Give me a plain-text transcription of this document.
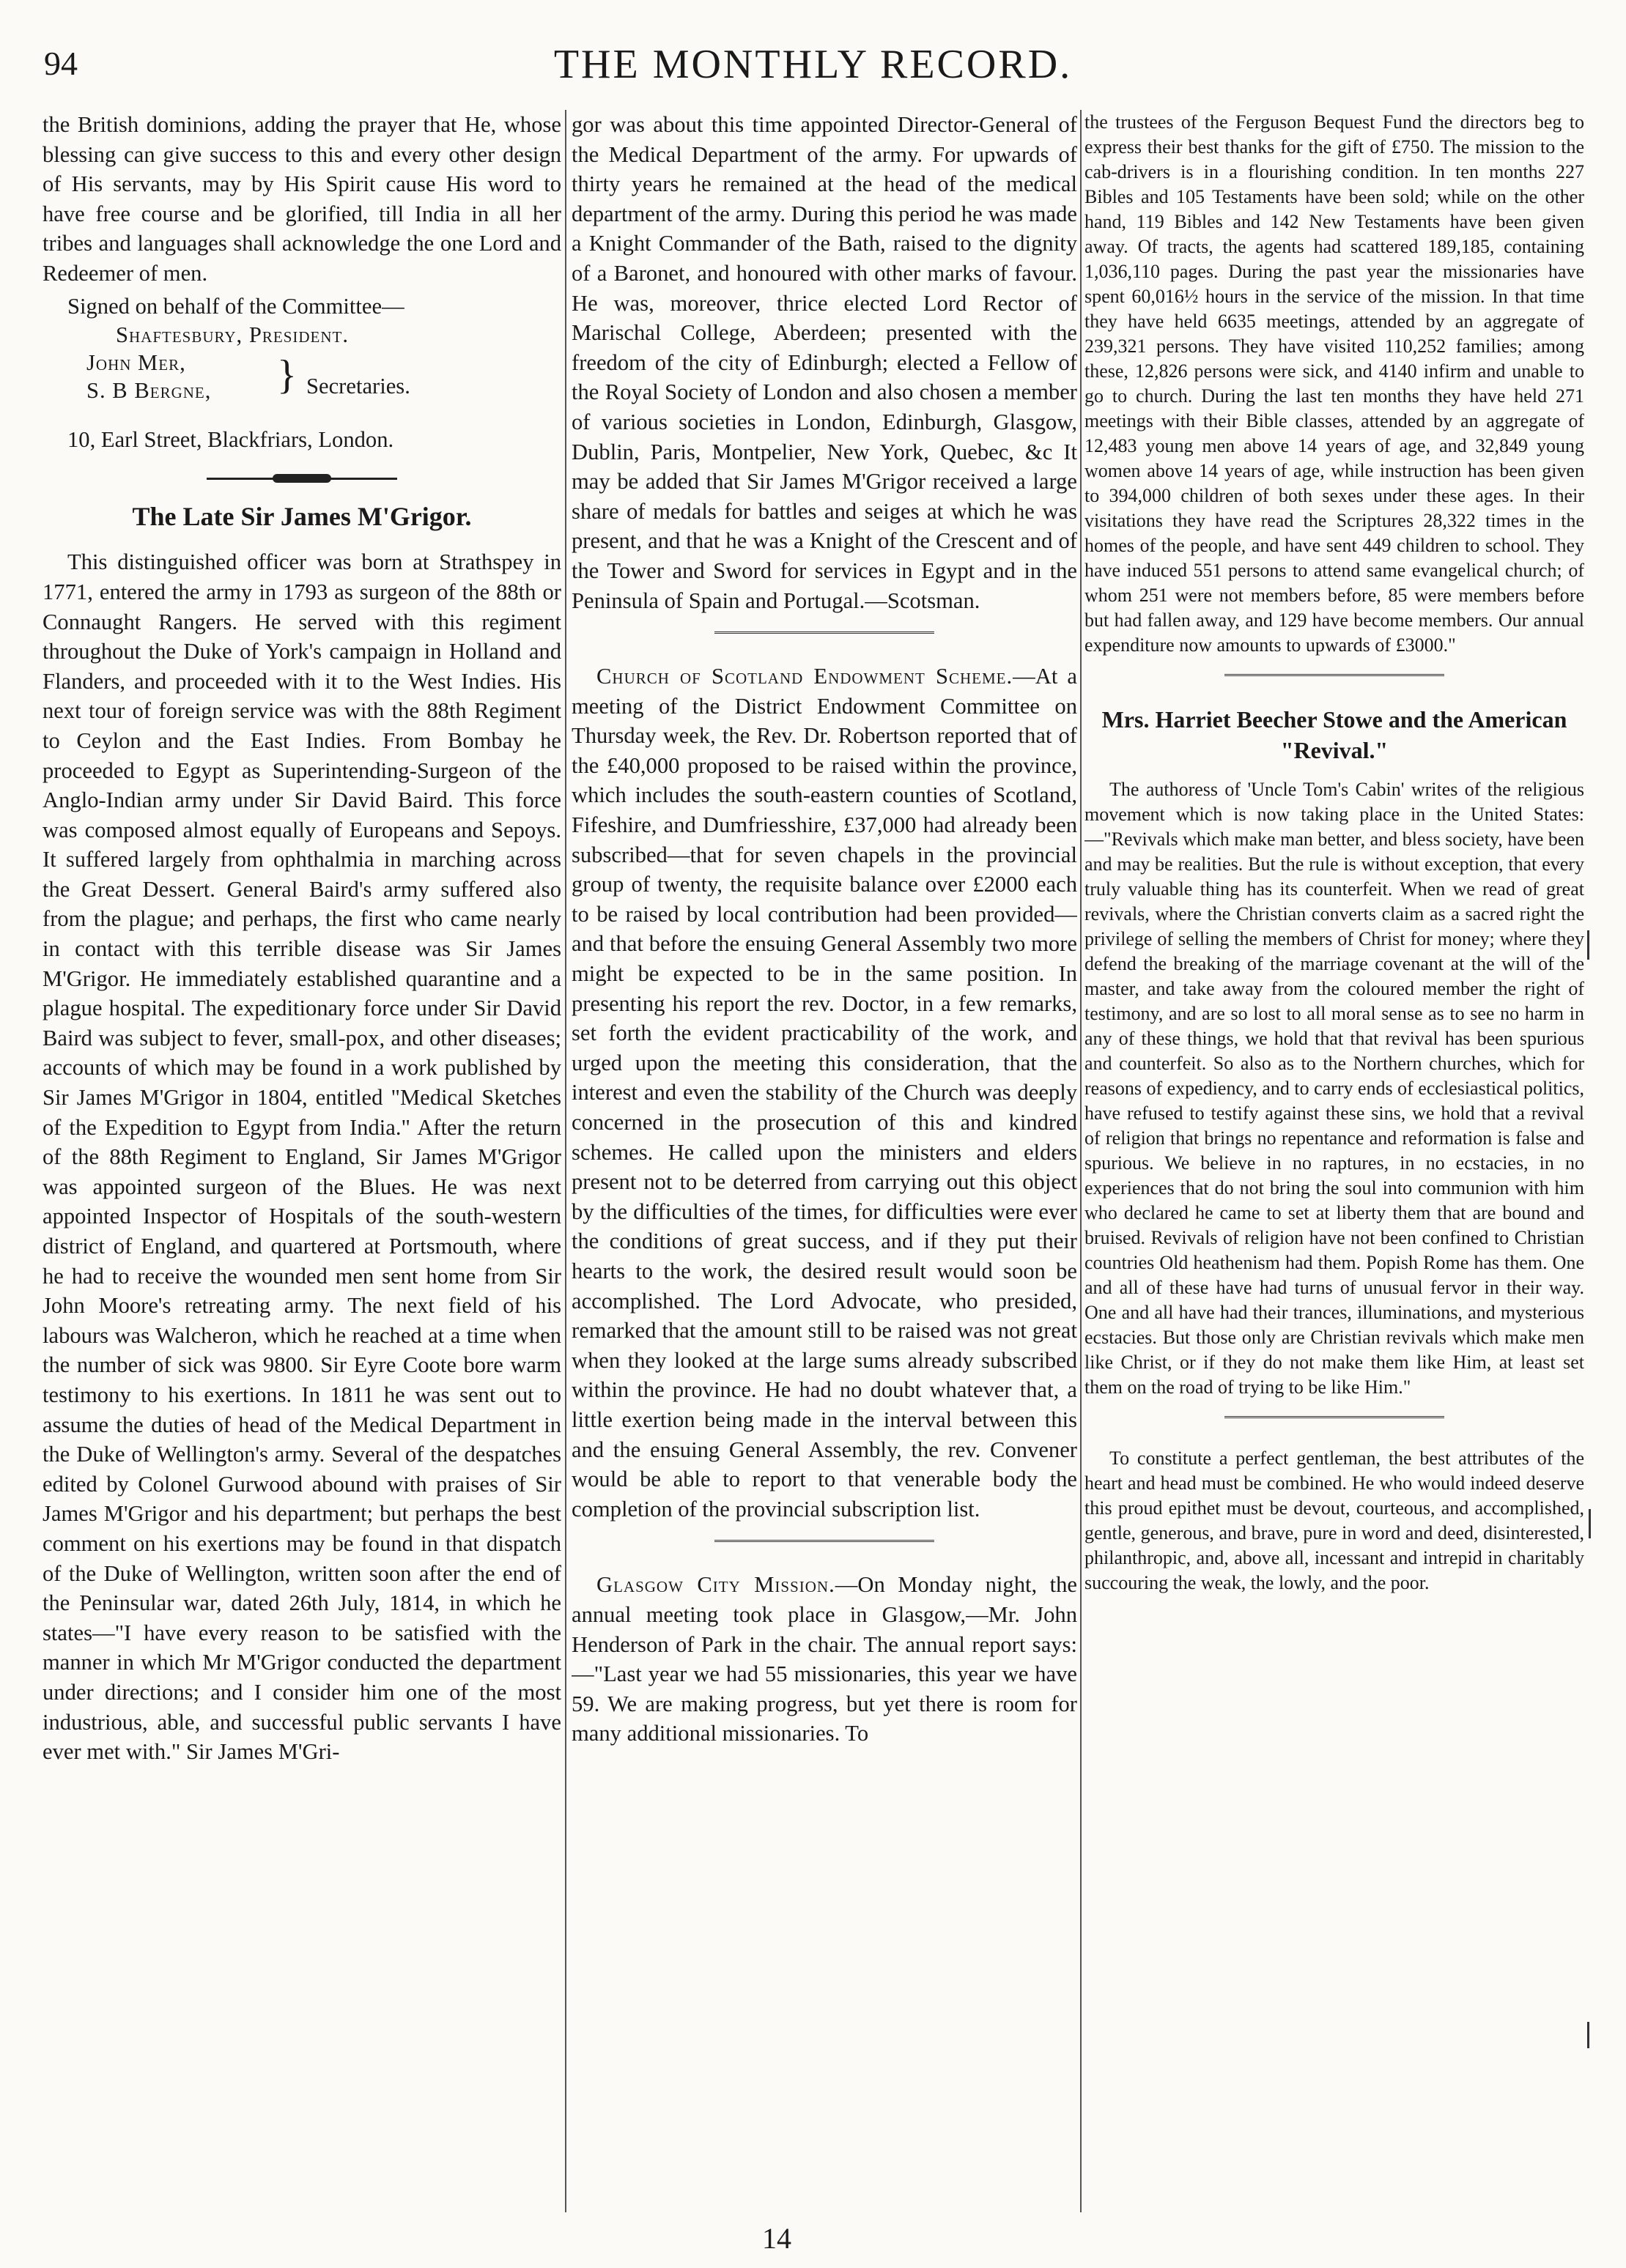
94	THE MONTHLY RECORD.

the British dominions, adding the prayer that He, whose blessing can give success to this and every other design of His servants, may by His Spirit cause His word to have free course and be glorified, till India in all her tribes and languages shall acknowledge the one Lord and Redeemer of men.

Signed on behalf of the Committee—

Shaftesbury, President.
John Mer, } Secretaries.
S. B Bergne,

10, Earl Street, Blackfriars, London.

The Late Sir James M'Grigor.

This distinguished officer was born at Strathspey in 1771, entered the army in 1793 as surgeon of the 88th or Connaught Rangers. He served with this regiment throughout the Duke of York's campaign in Holland and Flanders, and proceeded with it to the West Indies. His next tour of foreign service was with the 88th Regiment to Ceylon and the East Indies. From Bombay he proceeded to Egypt as Superintending-Surgeon of the Anglo-Indian army under Sir David Baird. This force was composed almost equally of Europeans and Sepoys. It suffered largely from ophthalmia in marching across the Great Dessert. General Baird's army suffered also from the plague; and perhaps, the first who came nearly in contact with this terrible disease was Sir James M'Grigor. He immediately established quarantine and a plague hospital. The expeditionary force under Sir David Baird was subject to fever, small-pox, and other diseases; accounts of which may be found in a work published by Sir James M'Grigor in 1804, entitled "Medical Sketches of the Expedition to Egypt from India." After the return of the 88th Regiment to England, Sir James M'Grigor was appointed surgeon of the Blues. He was next appointed Inspector of Hospitals of the south-western district of England, and quartered at Portsmouth, where he had to receive the wounded men sent home from Sir John Moore's retreating army. The next field of his labours was Walcheron, which he reached at a time when the number of sick was 9800. Sir Eyre Coote bore warm testimony to his exertions. In 1811 he was sent out to assume the duties of head of the Medical Department in the Duke of Wellington's army. Several of the despatches edited by Colonel Gurwood abound with praises of Sir James M'Grigor and his department; but perhaps the best comment on his exertions may be found in that dispatch of the Duke of Wellington, written soon after the end of the Peninsular war, dated 26th July, 1814, in which he states—"I have every reason to be satisfied with the manner in which Mr M'Grigor conducted the department under directions; and I consider him one of the most industrious, able, and successful public servants I have ever met with." Sir James M'Gri-

gor was about this time appointed Director-General of the Medical Department of the army. For upwards of thirty years he remained at the head of the medical department of the army. During this period he was made a Knight Commander of the Bath, raised to the dignity of a Baronet, and honoured with other marks of favour. He was, moreover, thrice elected Lord Rector of Marischal College, Aberdeen; presented with the freedom of the city of Edinburgh; elected a Fellow of the Royal Society of London and also chosen a member of various societies in London, Edinburgh, Glasgow, Dublin, Paris, Montpelier, New York, Quebec, &c It may be added that Sir James M'Grigor received a large share of medals for battles and seiges at which he was present, and that he was a Knight of the Crescent and of the Tower and Sword for services in Egypt and in the Peninsula of Spain and Portugal.—Scotsman.

Church of Scotland Endowment Scheme.—At a meeting of the District Endowment Committee on Thursday week, the Rev. Dr. Robertson reported that of the £40,000 proposed to be raised within the province, which includes the south-eastern counties of Scotland, Fifeshire, and Dumfriesshire, £37,000 had already been subscribed—that for seven chapels in the provincial group of twenty, the requisite balance over £2000 each to be raised by local contribution had been provided—and that before the ensuing General Assembly two more might be expected to be in the same position. In presenting his report the rev. Doctor, in a few remarks, set forth the evident practicability of the work, and urged upon the meeting this consideration, that the interest and even the stability of the Church was deeply concerned in the prosecution of this and kindred schemes. He called upon the ministers and elders present not to be deterred from carrying out this object by the difficulties of the times, for difficulties were ever the conditions of great success, and if they put their hearts to the work, the desired result would soon be accomplished. The Lord Advocate, who presided, remarked that the amount still to be raised was not great when they looked at the large sums already subscribed within the province. He had no doubt whatever that, a little exertion being made in the interval between this and the ensuing General Assembly, the rev. Convener would be able to report to that venerable body the completion of the provincial subscription list.

Glasgow City Mission.—On Monday night, the annual meeting took place in Glasgow,—Mr. John Henderson of Park in the chair. The annual report says:—"Last year we had 55 missionaries, this year we have 59. We are making progress, but yet there is room for many additional missionaries. To

the trustees of the Ferguson Bequest Fund the directors beg to express their best thanks for the gift of £750. The mission to the cab-drivers is in a flourishing condition. In ten months 227 Bibles and 105 Testaments have been sold; while on the other hand, 119 Bibles and 142 New Testaments have been given away. Of tracts, the agents had scattered 189,185, containing 1,036,110 pages. During the past year the missionaries have spent 60,016½ hours in the service of the mission. In that time they have held 6635 meetings, attended by an aggregate of 239,321 persons. They have visited 110,252 families; among these, 12,826 persons were sick, and 4140 infirm and unable to go to church. During the last ten months they have held 271 meetings with their Bible classes, attended by an aggregate of 12,483 young men above 14 years of age, and 32,849 young women above 14 years of age, while instruction has been given to 394,000 children of both sexes under these ages. In their visitations they have read the Scriptures 28,322 times in the homes of the people, and have sent 449 children to school. They have induced 551 persons to attend same evangelical church; of whom 251 were not members before, 85 were members before but had fallen away, and 129 have become members. Our annual expenditure now amounts to upwards of £3000."

Mrs. Harriet Beecher Stowe and the American "Revival."

The authoress of 'Uncle Tom's Cabin' writes of the religious movement which is now taking place in the United States:—"Revivals which make man better, and bless society, have been and may be realities. But the rule is without exception, that every truly valuable thing has its counterfeit. When we read of great revivals, where the Christian converts claim as a sacred right the privilege of selling the members of Christ for money; where they defend the breaking of the marriage covenant at the will of the master, and take away from the coloured member the right of testimony, and are so lost to all moral sense as to see no harm in any of these things, we hold that that revival has been spurious and counterfeit. So also as to the Northern churches, which for reasons of expediency, and to carry ends of ecclesiastical politics, have refused to testify against these sins, we hold that a revival of religion that brings no repentance and reformation is false and spurious. We believe in no raptures, in no ecstacies, in no experiences that do not bring the soul into communion with him who declared he came to set at liberty them that are bound and bruised. Revivals of religion have not been confined to Christian countries Old heathenism had them. Popish Rome has them. One and all of these have had turns of unusual fervor in their way. One and all have had their trances, illuminations, and mysterious ecstacies. But those only are Christian revivals which make men like Christ, or if they do not make them like Him, at least set them on the road of trying to be like Him."

To constitute a perfect gentleman, the best attributes of the heart and head must be combined. He who would indeed deserve this proud epithet must be devout, courteous, and accomplished, gentle, generous, and brave, pure in word and deed, disinterested, philanthropic, and, above all, incessant and intrepid in charitably succouring the weak, the lowly, and the poor.

14
